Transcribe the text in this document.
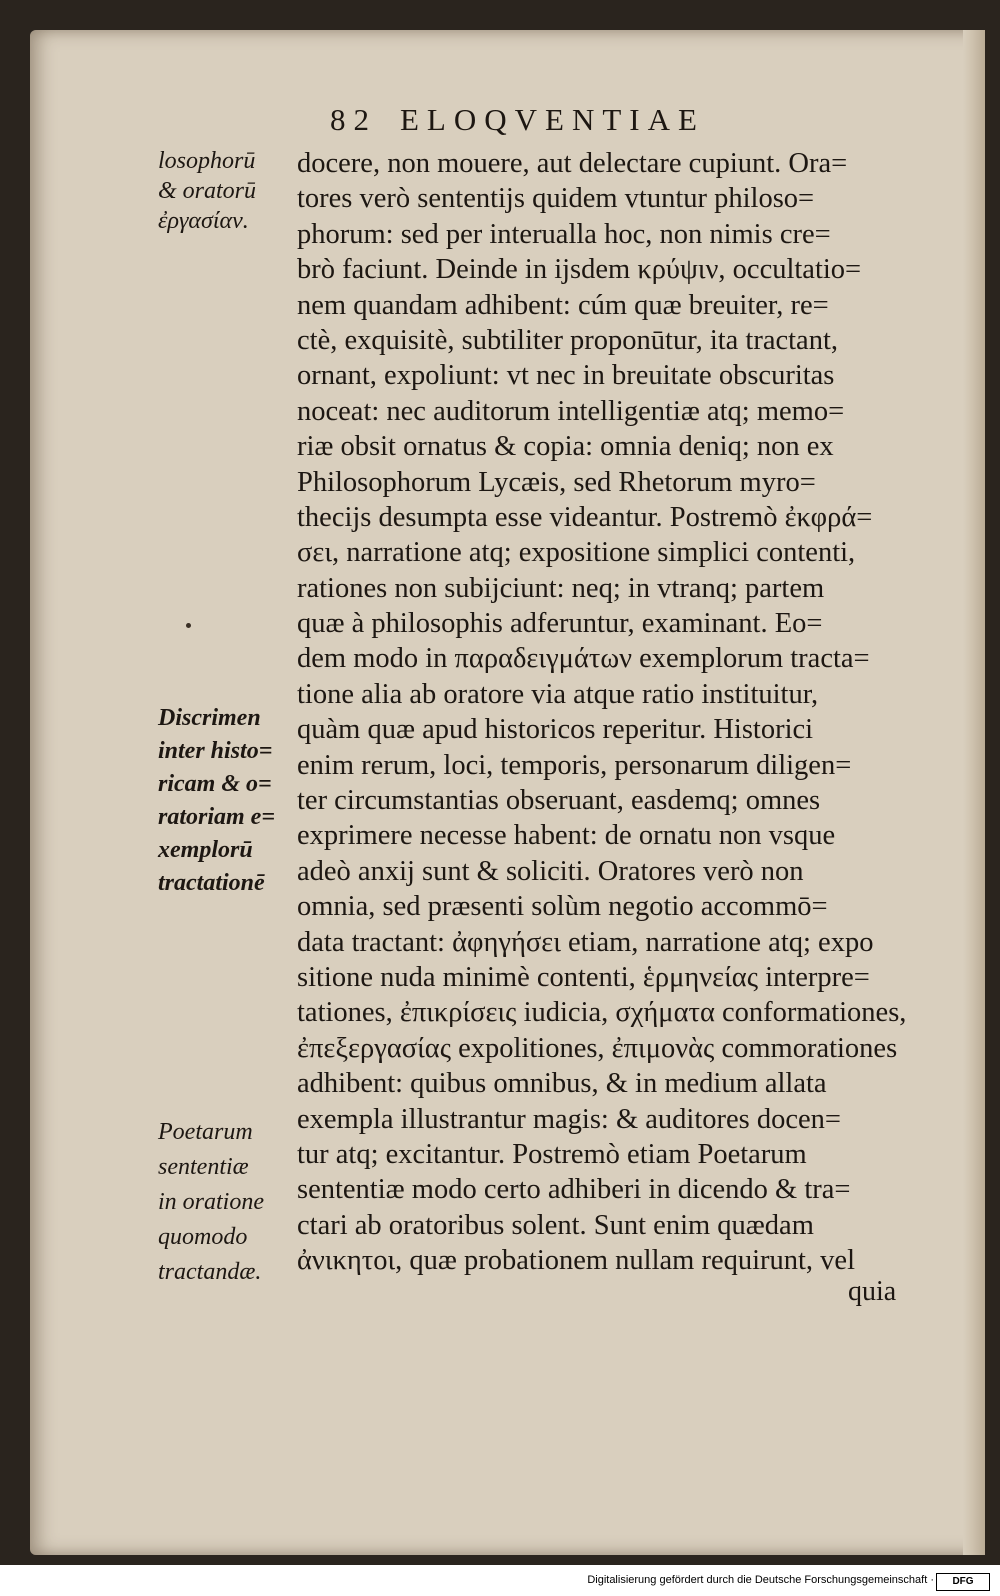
82 ELOQVENTIAE
losophorū
& oratorū
ἐργασίαν.
Discrimen
inter histo=
ricam & o=
ratoriam e=
xemplorū
tractationē
Poetarum
sententiæ
in oratione
quomodo
tractandæ.
docere, non mouere, aut delectare cupiunt. Ora=
tores verò sententijs quidem vtuntur philoso=
phorum: sed per interualla hoc, non nimis cre=
brò faciunt. Deinde in ijsdem κρύψιν, occultatio=
nem quandam adhibent: cúm quæ breuiter, re=
ctè, exquisitè, subtiliter proponūtur, ita tractant,
ornant, expoliunt: vt nec in breuitate obscuritas
noceat: nec auditorum intelligentiæ atq; memo=
riæ obsit ornatus & copia: omnia deniq; non ex
Philosophorum Lycæis, sed Rhetorum myro=
thecijs desumpta esse videantur. Postremò ἐκφρά=
σει, narratione atq; expositione simplici contenti,
rationes non subijciunt: neq; in vtranq; partem
quæ à philosophis adferuntur, examinant. Eo=
dem modo in παραδειγμάτων exemplorum tracta=
tione alia ab oratore via atque ratio instituitur,
quàm quæ apud historicos reperitur. Historici
enim rerum, loci, temporis, personarum diligen=
ter circumstantias obseruant, easdemq; omnes
exprimere necesse habent: de ornatu non vsque
adeò anxij sunt & soliciti. Oratores verò non
omnia, sed præsenti solùm negotio accommō=
data tractant: ἀφηγήσει etiam, narratione atq; expo
sitione nuda minimè contenti, ἑρμηνείας interpre=
tationes, ἐπικρίσεις iudicia, σχήματα conformationes,
ἐπεξεργασίας expolitiones, ἐπιμονὰς commorationes
adhibent: quibus omnibus, & in medium allata
exempla illustrantur magis: & auditores docen=
tur atq; excitantur. Postremò etiam Poetarum
sententiæ modo certo adhiberi in dicendo & tra=
ctari ab oratoribus solent. Sunt enim quædam
ἀνικητοι, quæ probationem nullam requirunt, vel
quia
Digitalisierung gefördert durch die Deutsche Forschungsgemeinschaft ·	DFG
